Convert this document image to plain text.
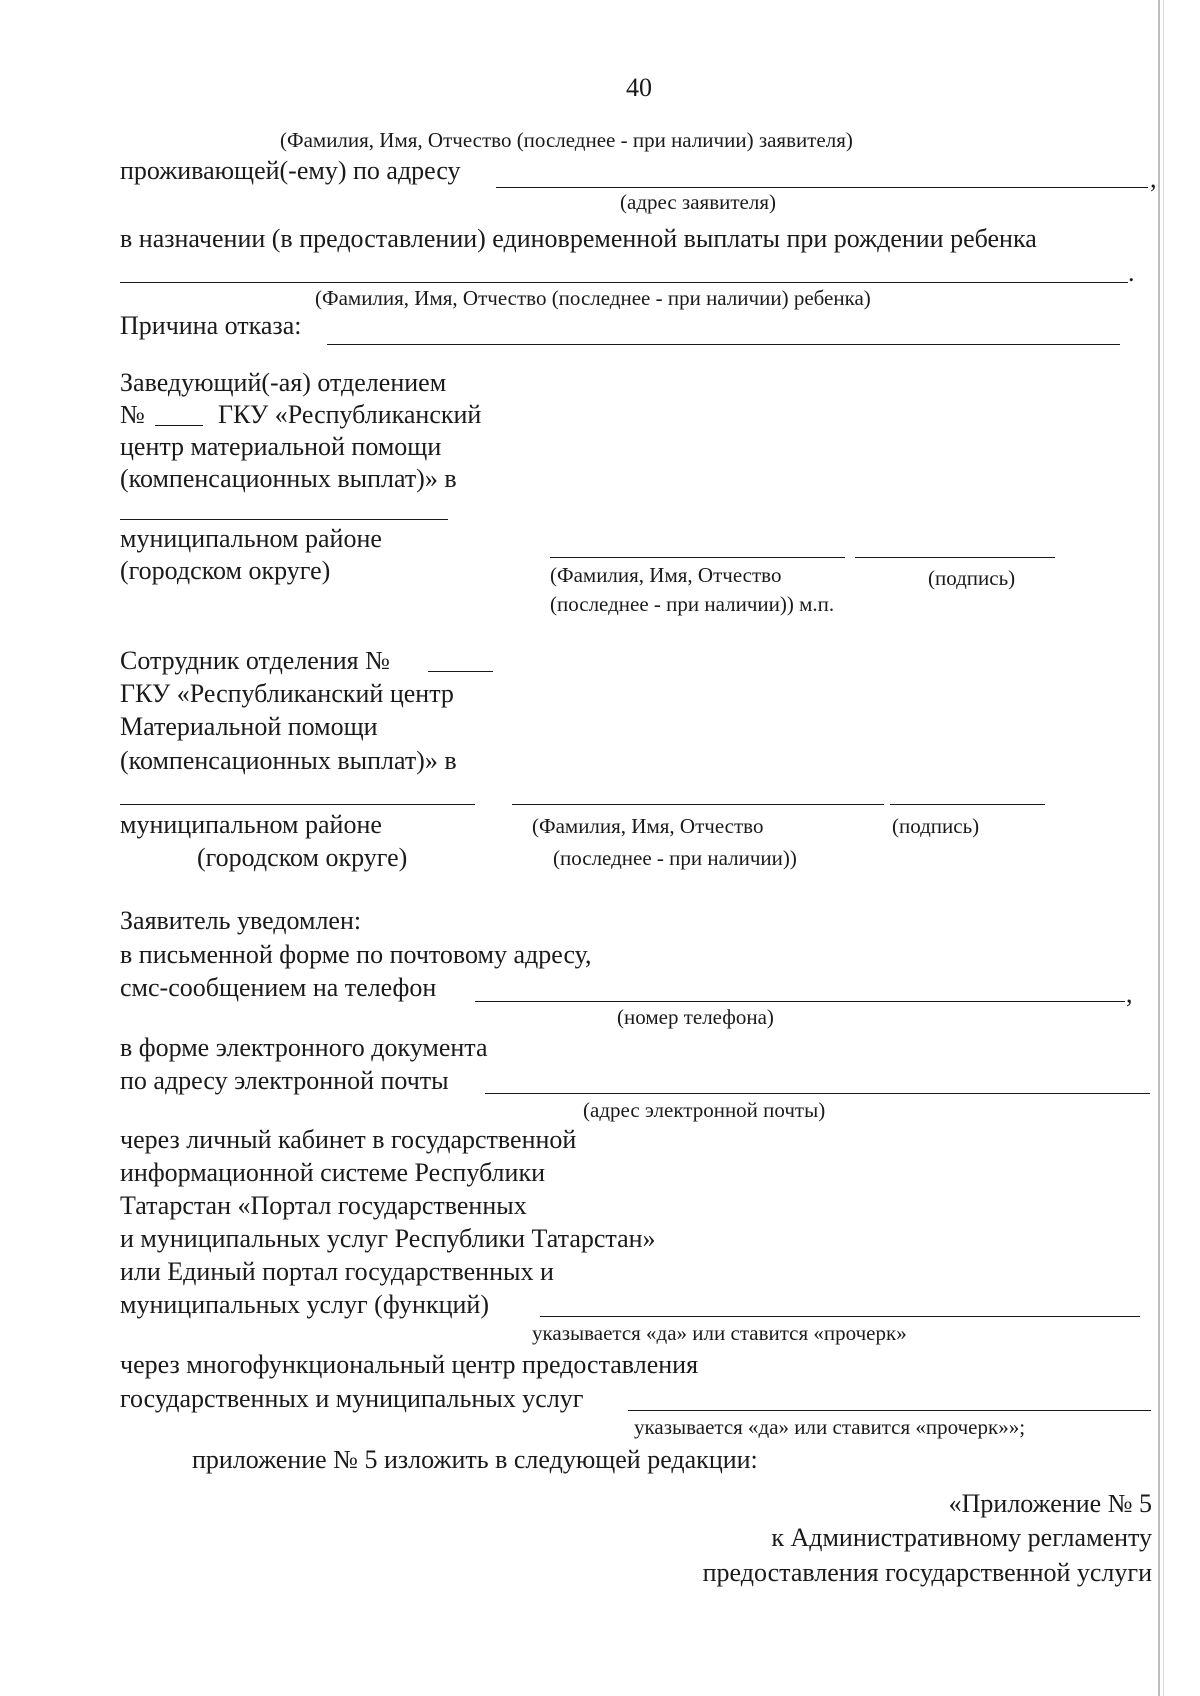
40
(Фамилия, Имя, Отчество (последнее - при наличии) заявителя)
проживающей(-ему) по адресу	,
(адрес заявителя)
в назначении (в предоставлении) единовременной выплаты при рождении ребенка
.
(Фамилия, Имя, Отчество (последнее - при наличии) ребенка)
Причина отказа:
Заведующий(-ая) отделением
№	ГКУ «Республиканский
центр материальной помощи
(компенсационных выплат)» в
муниципальном районе
(городском округе)	(Фамилия, Имя, Отчество	(подпись)
(последнее - при наличии)) м.п.
Сотрудник отделения №
ГКУ «Республиканский центр
Материальной помощи
(компенсационных выплат)» в
муниципальном районе	(Фамилия, Имя, Отчество	(подпись)
(городском округе)	(последнее - при наличии))
Заявитель уведомлен:
в письменной форме по почтовому адресу,
смс-сообщением на телефон	,
(номер телефона)
в форме электронного документа
по адресу электронной почты
(адрес электронной почты)
через личный кабинет в государственной
информационной системе Республики
Татарстан «Портал государственных
и муниципальных услуг Республики Татарстан»
или Единый портал государственных и
муниципальных услуг (функций)
указывается «да» или ставится «прочерк»
через многофункциональный центр предоставления
государственных и муниципальных услуг
указывается «да» или ставится «прочерк»»;
приложение № 5 изложить в следующей редакции:
«Приложение № 5
к Административному регламенту
предоставления государственной услуги
